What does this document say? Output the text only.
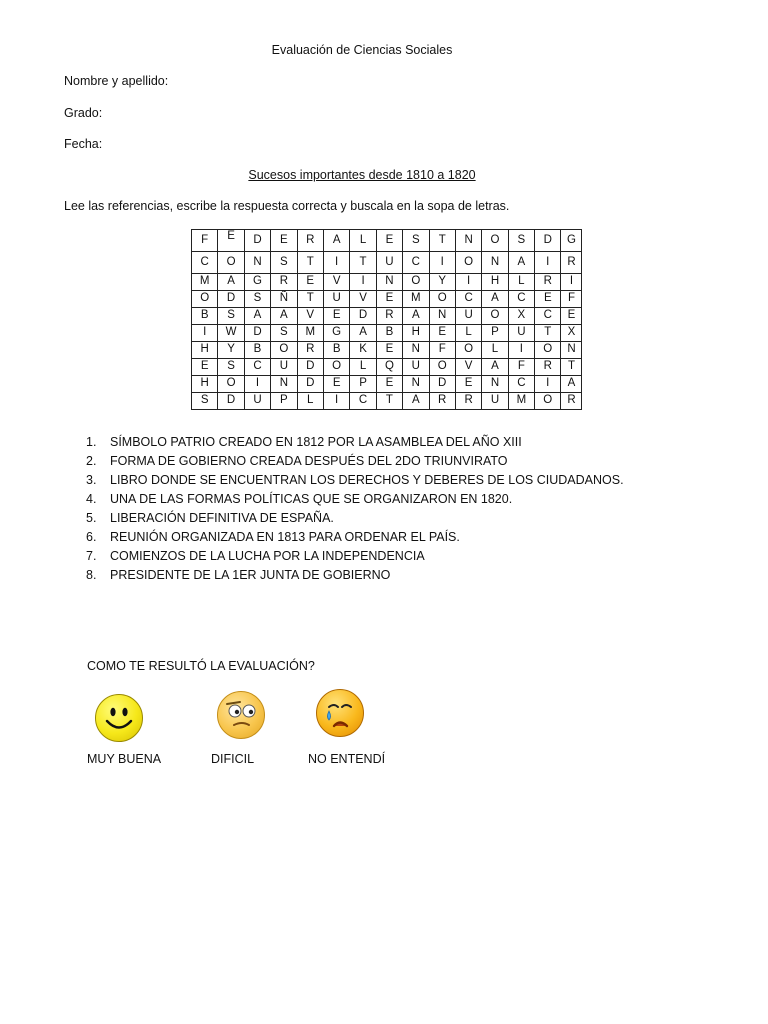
Evaluación de Ciencias Sociales
Nombre y apellido:
Grado:
Fecha:
Sucesos importantes desde 1810 a 1820
Lee las referencias, escribe la respuesta correcta y buscala en la sopa de letras.
F	E	D	E	R	A	L	E	S	T	N	O	S	D	G
C	O	N	S	T	I	T	U	C	I	O	N	A	I	R
M	A	G	R	E	V	I	N	O	Y	I	H	L	R	I
O	D	S	Ñ	T	U	V	E	M	O	C	A	C	E	F
B	S	A	A	V	E	D	R	A	N	U	O	X	C	E
I	W	D	S	M	G	A	B	H	E	L	P	U	T	X
H	Y	B	O	R	B	K	E	N	F	O	L	I	O	N
E	S	C	U	D	O	L	Q	U	O	V	A	F	R	T
H	O	I	N	D	E	P	E	N	D	E	N	C	I	A
S	D	U	P	L	I	C	T	A	R	R	U	M	O	R
1. SÍMBOLO PATRIO CREADO EN 1812 POR LA ASAMBLEA DEL AÑO XIII
2. FORMA DE GOBIERNO CREADA DESPUÉS DEL 2DO TRIUNVIRATO
3. LIBRO DONDE SE ENCUENTRAN LOS DERECHOS Y DEBERES DE LOS CIUDADANOS.
4. UNA DE LAS FORMAS POLÍTICAS QUE SE ORGANIZARON EN 1820.
5. LIBERACIÓN DEFINITIVA DE ESPAÑA.
6. REUNIÓN ORGANIZADA EN 1813 PARA ORDENAR EL PAÍS.
7. COMIENZOS DE LA LUCHA POR LA INDEPENDENCIA
8. PRESIDENTE DE LA 1ER JUNTA DE GOBIERNO
COMO TE RESULTÓ LA EVALUACIÓN?
MUY BUENA	DIFICIL	NO ENTENDÍ
